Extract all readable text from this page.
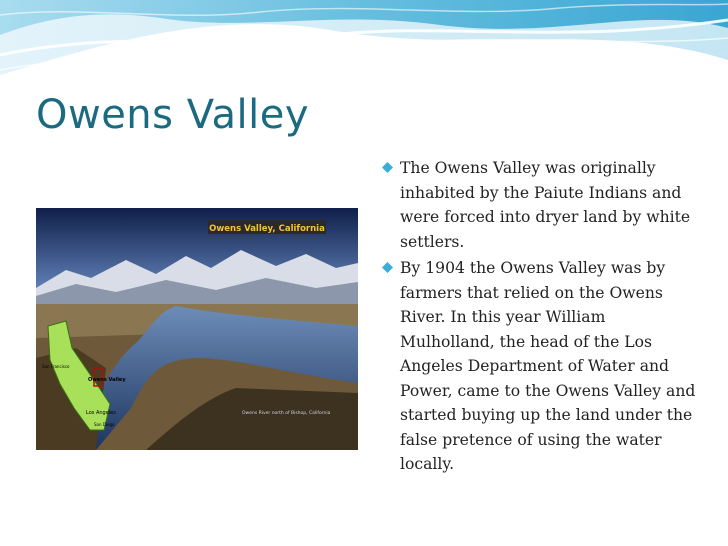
Owens Valley
Owens Valley, California
Owens Valley
Los Angeles
San Francisco
San Diego
Owens River north of Bishop, California
The Owens Valley was originally inhabited by the Paiute Indians and were forced into dryer land by white settlers.
By 1904 the Owens Valley was by farmers that relied on the Owens River. In this year William Mulholland, the head of the Los Angeles Department of Water and Power, came to the Owens Valley and started buying up the land under the false pretence of using the water locally.
